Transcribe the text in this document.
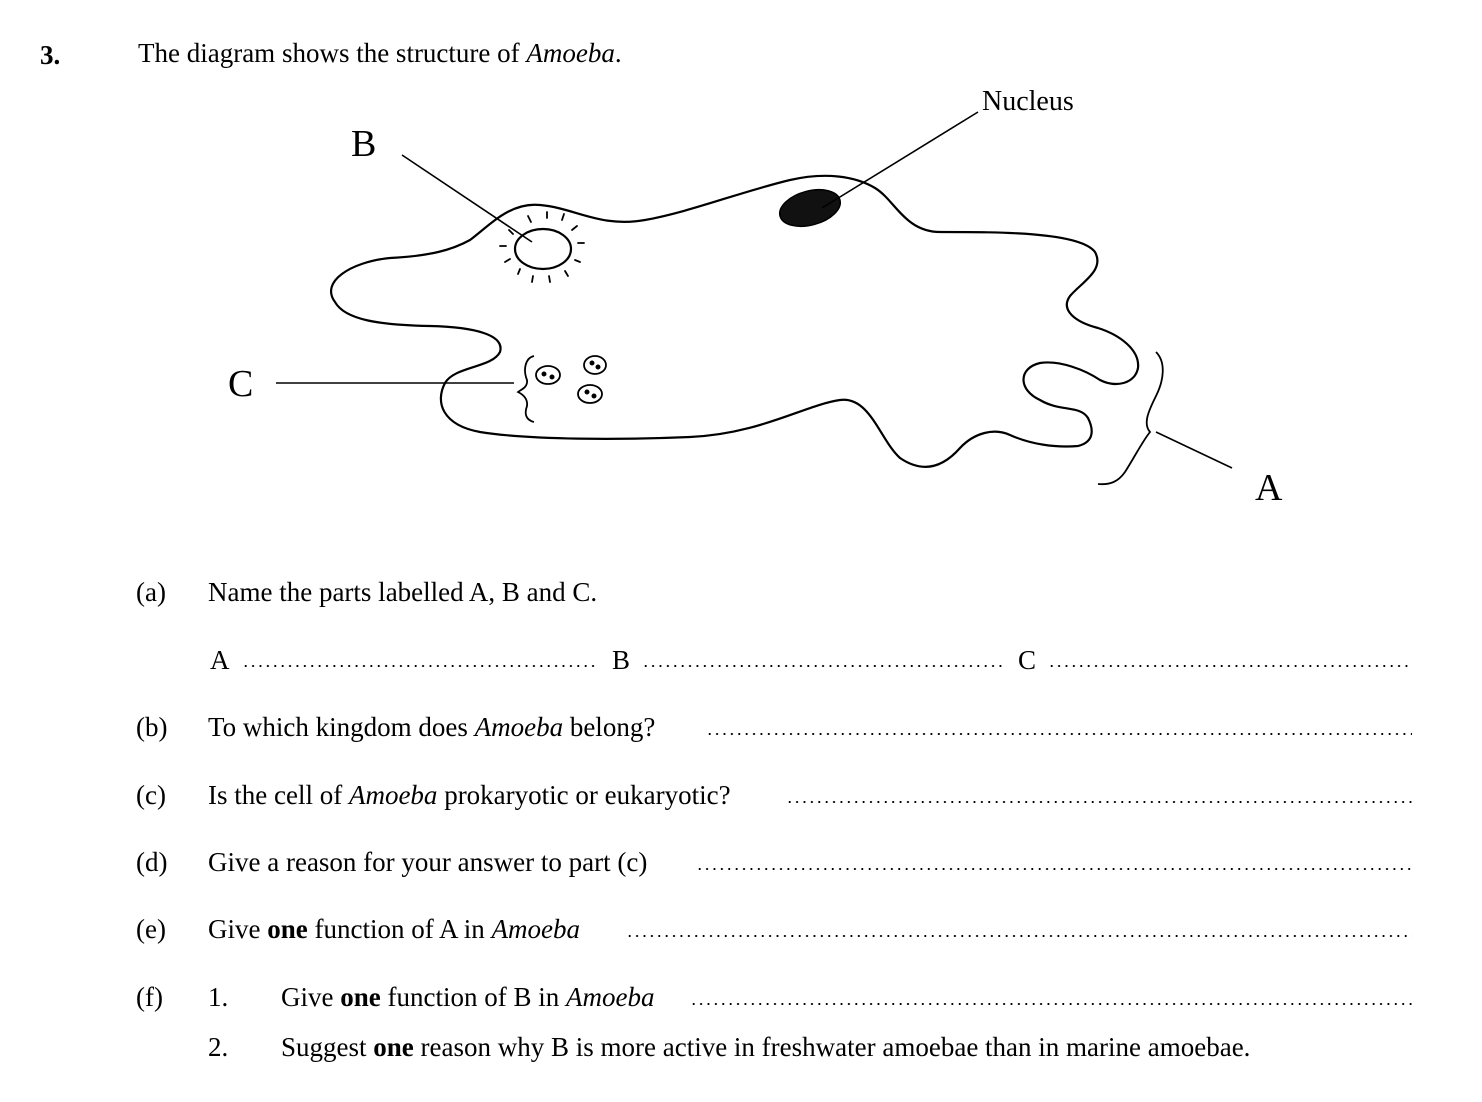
3.	The diagram shows the structure of Amoeba.
Nucleus
B
C
A
(a) Name the parts labelled A, B and C.
A	B	C
(b) To which kingdom does Amoeba belong?
(c) Is the cell of Amoeba prokaryotic or eukaryotic?
(d) Give a reason for your answer to part (c)
(e) Give one function of A in Amoeba
(f) 1. Give one function of B in Amoeba
2. Suggest one reason why B is more active in freshwater amoebae than in marine amoebae.
